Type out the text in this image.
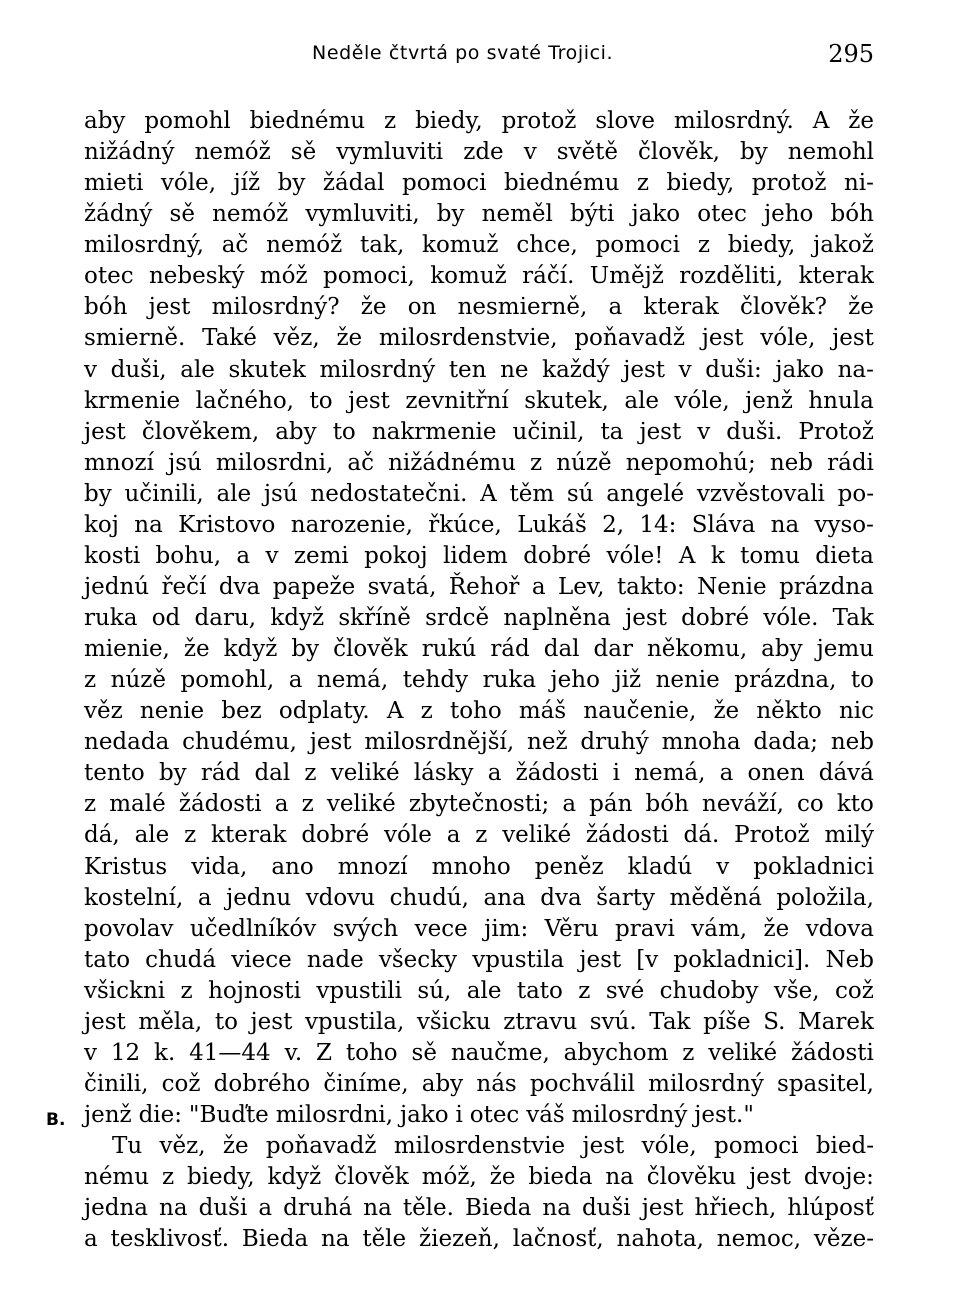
Neděle čtvrtá po svaté Trojici.	295
B.
aby pomohl biednému z biedy, protož slove milosrdný. A že
nižádný nemóž sě vymluviti zde v světě člověk, by nemohl
mieti vóle, jíž by žádal pomoci biednému z biedy, protož ni-
žádný sě nemóž vymluviti, by neměl býti jako otec jeho bóh
milosrdný, ač nemóž tak, komuž chce, pomoci z biedy, jakož
otec nebeský móž pomoci, komuž ráčí. Umějž rozděliti, kterak
bóh jest milosrdný? že on nesmierně, a kterak člověk? že
smierně. Také věz, že milosrdenstvie, poňavadž jest vóle, jest
v duši, ale skutek milosrdný ten ne každý jest v duši: jako na-
krmenie lačného, to jest zevnitřní skutek, ale vóle, jenž hnula
jest člověkem, aby to nakrmenie učinil, ta jest v duši. Protož
mnozí jsú milosrdni, ač nižádnému z núzě nepomohú; neb rádi
by učinili, ale jsú nedostatečni. A těm sú angelé vzvěstovali po-
koj na Kristovo narozenie, řkúce, Lukáš 2, 14: Sláva na vyso-
kosti bohu, a v zemi pokoj lidem dobré vóle! A k tomu dieta
jednú řečí dva papeže svatá, Řehoř a Lev, takto: Nenie prázdna
ruka od daru, když skříně srdcě naplněna jest dobré vóle. Tak
mienie, že když by člověk rukú rád dal dar někomu, aby jemu
z núzě pomohl, a nemá, tehdy ruka jeho již nenie prázdna, to
věz nenie bez odplaty. A z toho máš naučenie, že někto nic
nedada chudému, jest milosrdnější, než druhý mnoha dada; neb
tento by rád dal z veliké lásky a žádosti i nemá, a onen dává
z malé žádosti a z veliké zbytečnosti; a pán bóh neváží, co kto
dá, ale z kterak dobré vóle a z veliké žádosti dá. Protož milý
Kristus vida, ano mnozí mnoho peněz kladú v pokladnici
kostelní, a jednu vdovu chudú, ana dva šarty měděná položila,
povolav učedlníkóv svých vece jim: Věru pravi vám, že vdova
tato chudá viece nade všecky vpustila jest [v pokladnici]. Neb
všickni z hojnosti vpustili sú, ale tato z své chudoby vše, což
jest měla, to jest vpustila, všicku ztravu svú. Tak píše S. Marek
v 12 k. 41—44 v. Z toho sě naučme, abychom z veliké žádosti
činili, což dobrého činíme, aby nás pochválil milosrdný spasitel,
jenž die: "Buďte milosrdni, jako i otec váš milosrdný jest."
Tu věz, že poňavadž milosrdenstvie jest vóle, pomoci bied-
nému z biedy, když člověk móž, že bieda na člověku jest dvoje:
jedna na duši a druhá na těle. Bieda na duši jest hřiech, hlúposť
a tesklivosť. Bieda na těle žiezeň, lačnosť, nahota, nemoc, věze-
